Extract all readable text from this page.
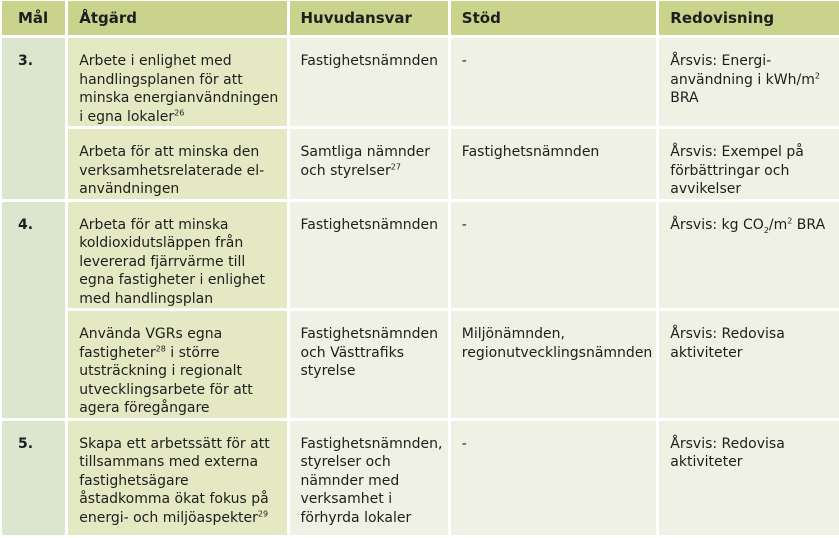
Mål	Åtgärd	Huvudansvar	Stöd	Redovisning
3.	Arbete i enlighet med handlingsplanen för att minska energianvändningen i egna lokaler$^{26}$	Fastighetsnämnden	-	Årsvis: Energi-användning i kWh/$m^2$ BRA
	Arbeta för att minska den verksamhetsrelaterade el-användningen	Samtliga nämnder och styrelser$^{27}$	Fastighetsnämnden	Årsvis: Exempel på förbättringar och avvikelser
4.	Arbeta för att minska koldioxidutsläppen från levererad fjärrvärme till egna fastigheter i enlighet med handlingsplan	Fastighetsnämnden	-	Årsvis: kg $CO_2/m^2$ BRA
	Använda VGRs egna fastigheter$^{28}$ i större utsträckning i regionalt utvecklingsarbete för att agera föregångare	Fastighetsnämnden och Västtrafiks styrelse	Miljönämnden, regionutvecklingsnämnden	Årsvis: Redovisa aktiviteter
5.	Skapa ett arbetssätt för att tillsammans med externa fastighetsägare åstadkomma ökat fokus på energi- och miljöaspekter$^{29}$	Fastighetsnämnden, styrelser och nämnder med verksamhet i förhyrda lokaler	-	Årsvis: Redovisa aktiviteter
